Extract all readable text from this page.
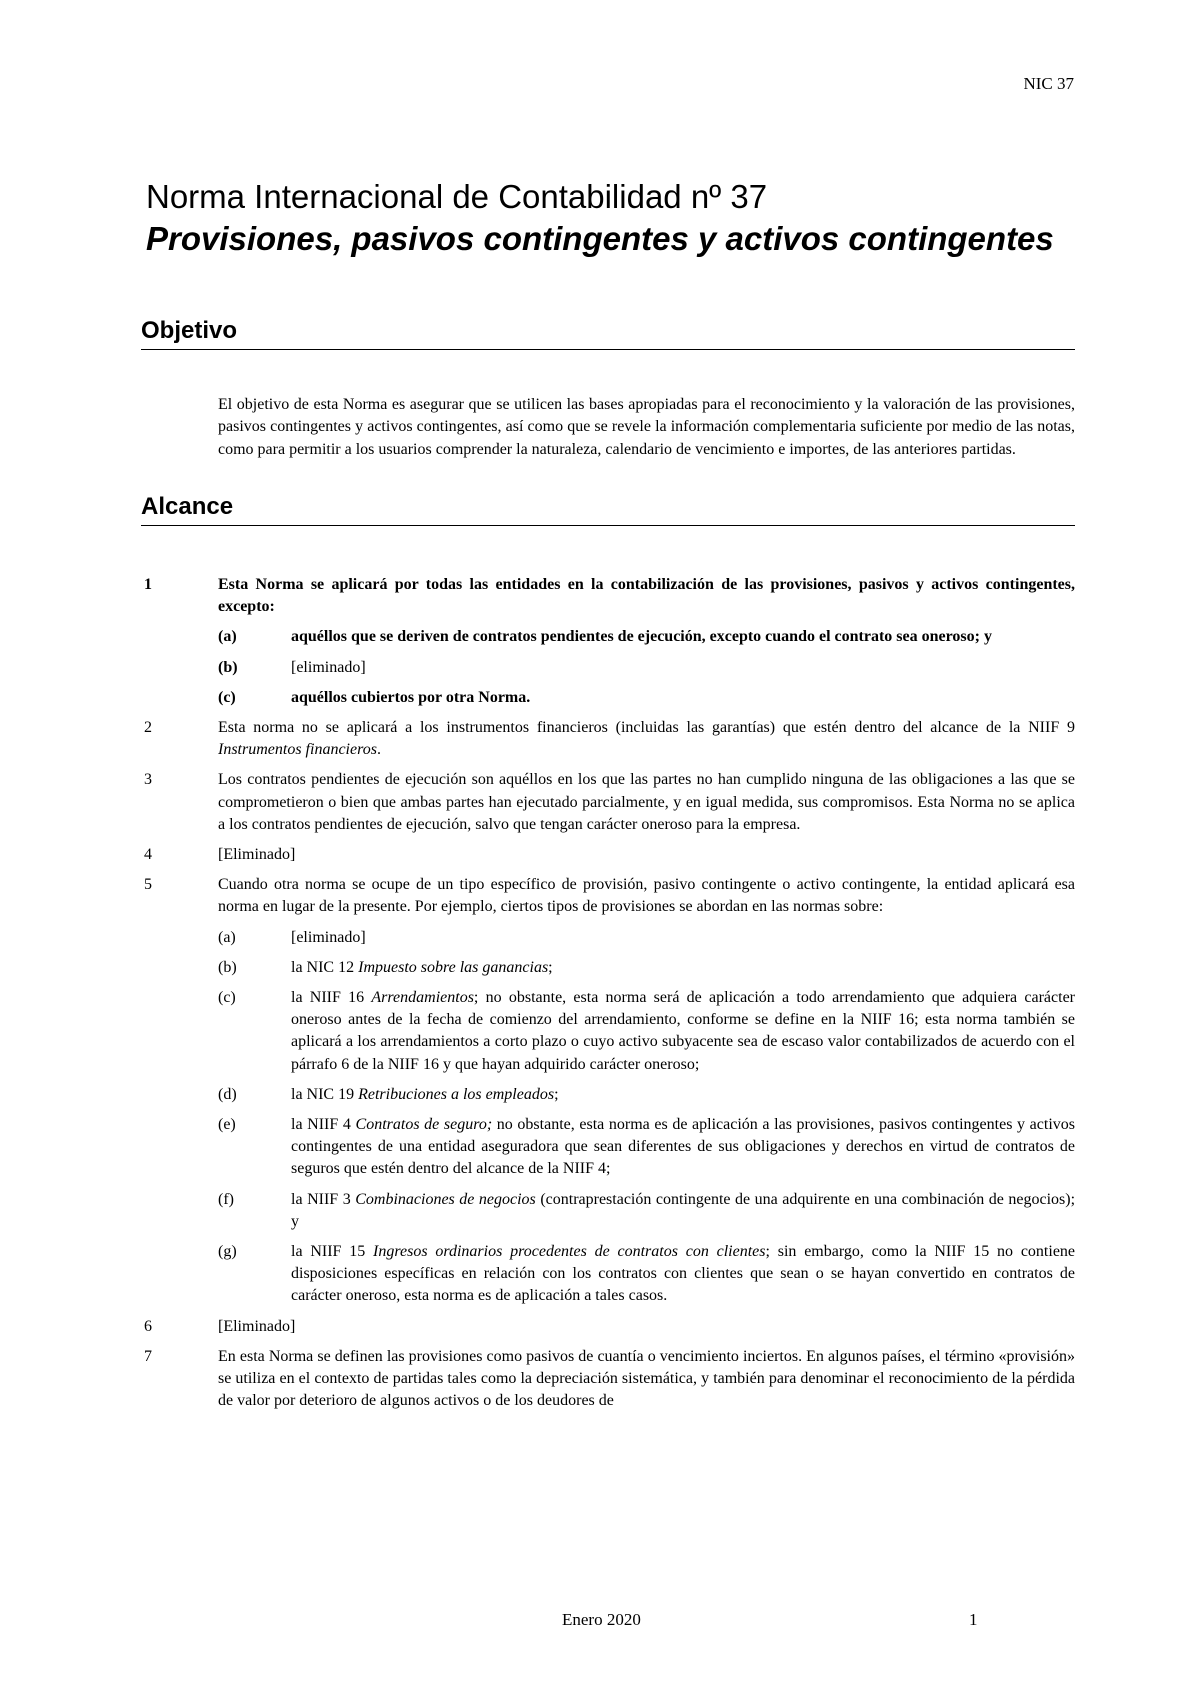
NIC 37
Norma Internacional de Contabilidad nº 37
Provisiones, pasivos contingentes y activos contingentes
Objetivo
El objetivo de esta Norma es asegurar que se utilicen las bases apropiadas para el reconocimiento y la valoración de las provisiones, pasivos contingentes y activos contingentes, así como que se revele la información complementaria suficiente por medio de las notas, como para permitir a los usuarios comprender la naturaleza, calendario de vencimiento e importes, de las anteriores partidas.
Alcance
1	Esta Norma se aplicará por todas las entidades en la contabilización de las provisiones, pasivos y activos contingentes, excepto:
(a)	aquéllos que se deriven de contratos pendientes de ejecución, excepto cuando el contrato sea oneroso; y
(b)	[eliminado]
(c)	aquéllos cubiertos por otra Norma.
2	Esta norma no se aplicará a los instrumentos financieros (incluidas las garantías) que estén dentro del alcance de la NIIF 9 Instrumentos financieros.
3	Los contratos pendientes de ejecución son aquéllos en los que las partes no han cumplido ninguna de las obligaciones a las que se comprometieron o bien que ambas partes han ejecutado parcialmente, y en igual medida, sus compromisos. Esta Norma no se aplica a los contratos pendientes de ejecución, salvo que tengan carácter oneroso para la empresa.
4	[Eliminado]
5	Cuando otra norma se ocupe de un tipo específico de provisión, pasivo contingente o activo contingente, la entidad aplicará esa norma en lugar de la presente. Por ejemplo, ciertos tipos de provisiones se abordan en las normas sobre:
(a)	[eliminado]
(b)	la NIC 12 Impuesto sobre las ganancias;
(c)	la NIIF 16 Arrendamientos; no obstante, esta norma será de aplicación a todo arrendamiento que adquiera carácter oneroso antes de la fecha de comienzo del arrendamiento, conforme se define en la NIIF 16; esta norma también se aplicará a los arrendamientos a corto plazo o cuyo activo subyacente sea de escaso valor contabilizados de acuerdo con el párrafo 6 de la NIIF 16 y que hayan adquirido carácter oneroso;
(d)	la NIC 19 Retribuciones a los empleados;
(e)	la NIIF 4 Contratos de seguro; no obstante, esta norma es de aplicación a las provisiones, pasivos contingentes y activos contingentes de una entidad aseguradora que sean diferentes de sus obligaciones y derechos en virtud de contratos de seguros que estén dentro del alcance de la NIIF 4;
(f)	la NIIF 3 Combinaciones de negocios (contraprestación contingente de una adquirente en una combinación de negocios); y
(g)	la NIIF 15 Ingresos ordinarios procedentes de contratos con clientes; sin embargo, como la NIIF 15 no contiene disposiciones específicas en relación con los contratos con clientes que sean o se hayan convertido en contratos de carácter oneroso, esta norma es de aplicación a tales casos.
6	[Eliminado]
7	En esta Norma se definen las provisiones como pasivos de cuantía o vencimiento inciertos. En algunos países, el término «provisión» se utiliza en el contexto de partidas tales como la depreciación sistemática, y también para denominar el reconocimiento de la pérdida de valor por deterioro de algunos activos o de los deudores de
Enero 2020	1
